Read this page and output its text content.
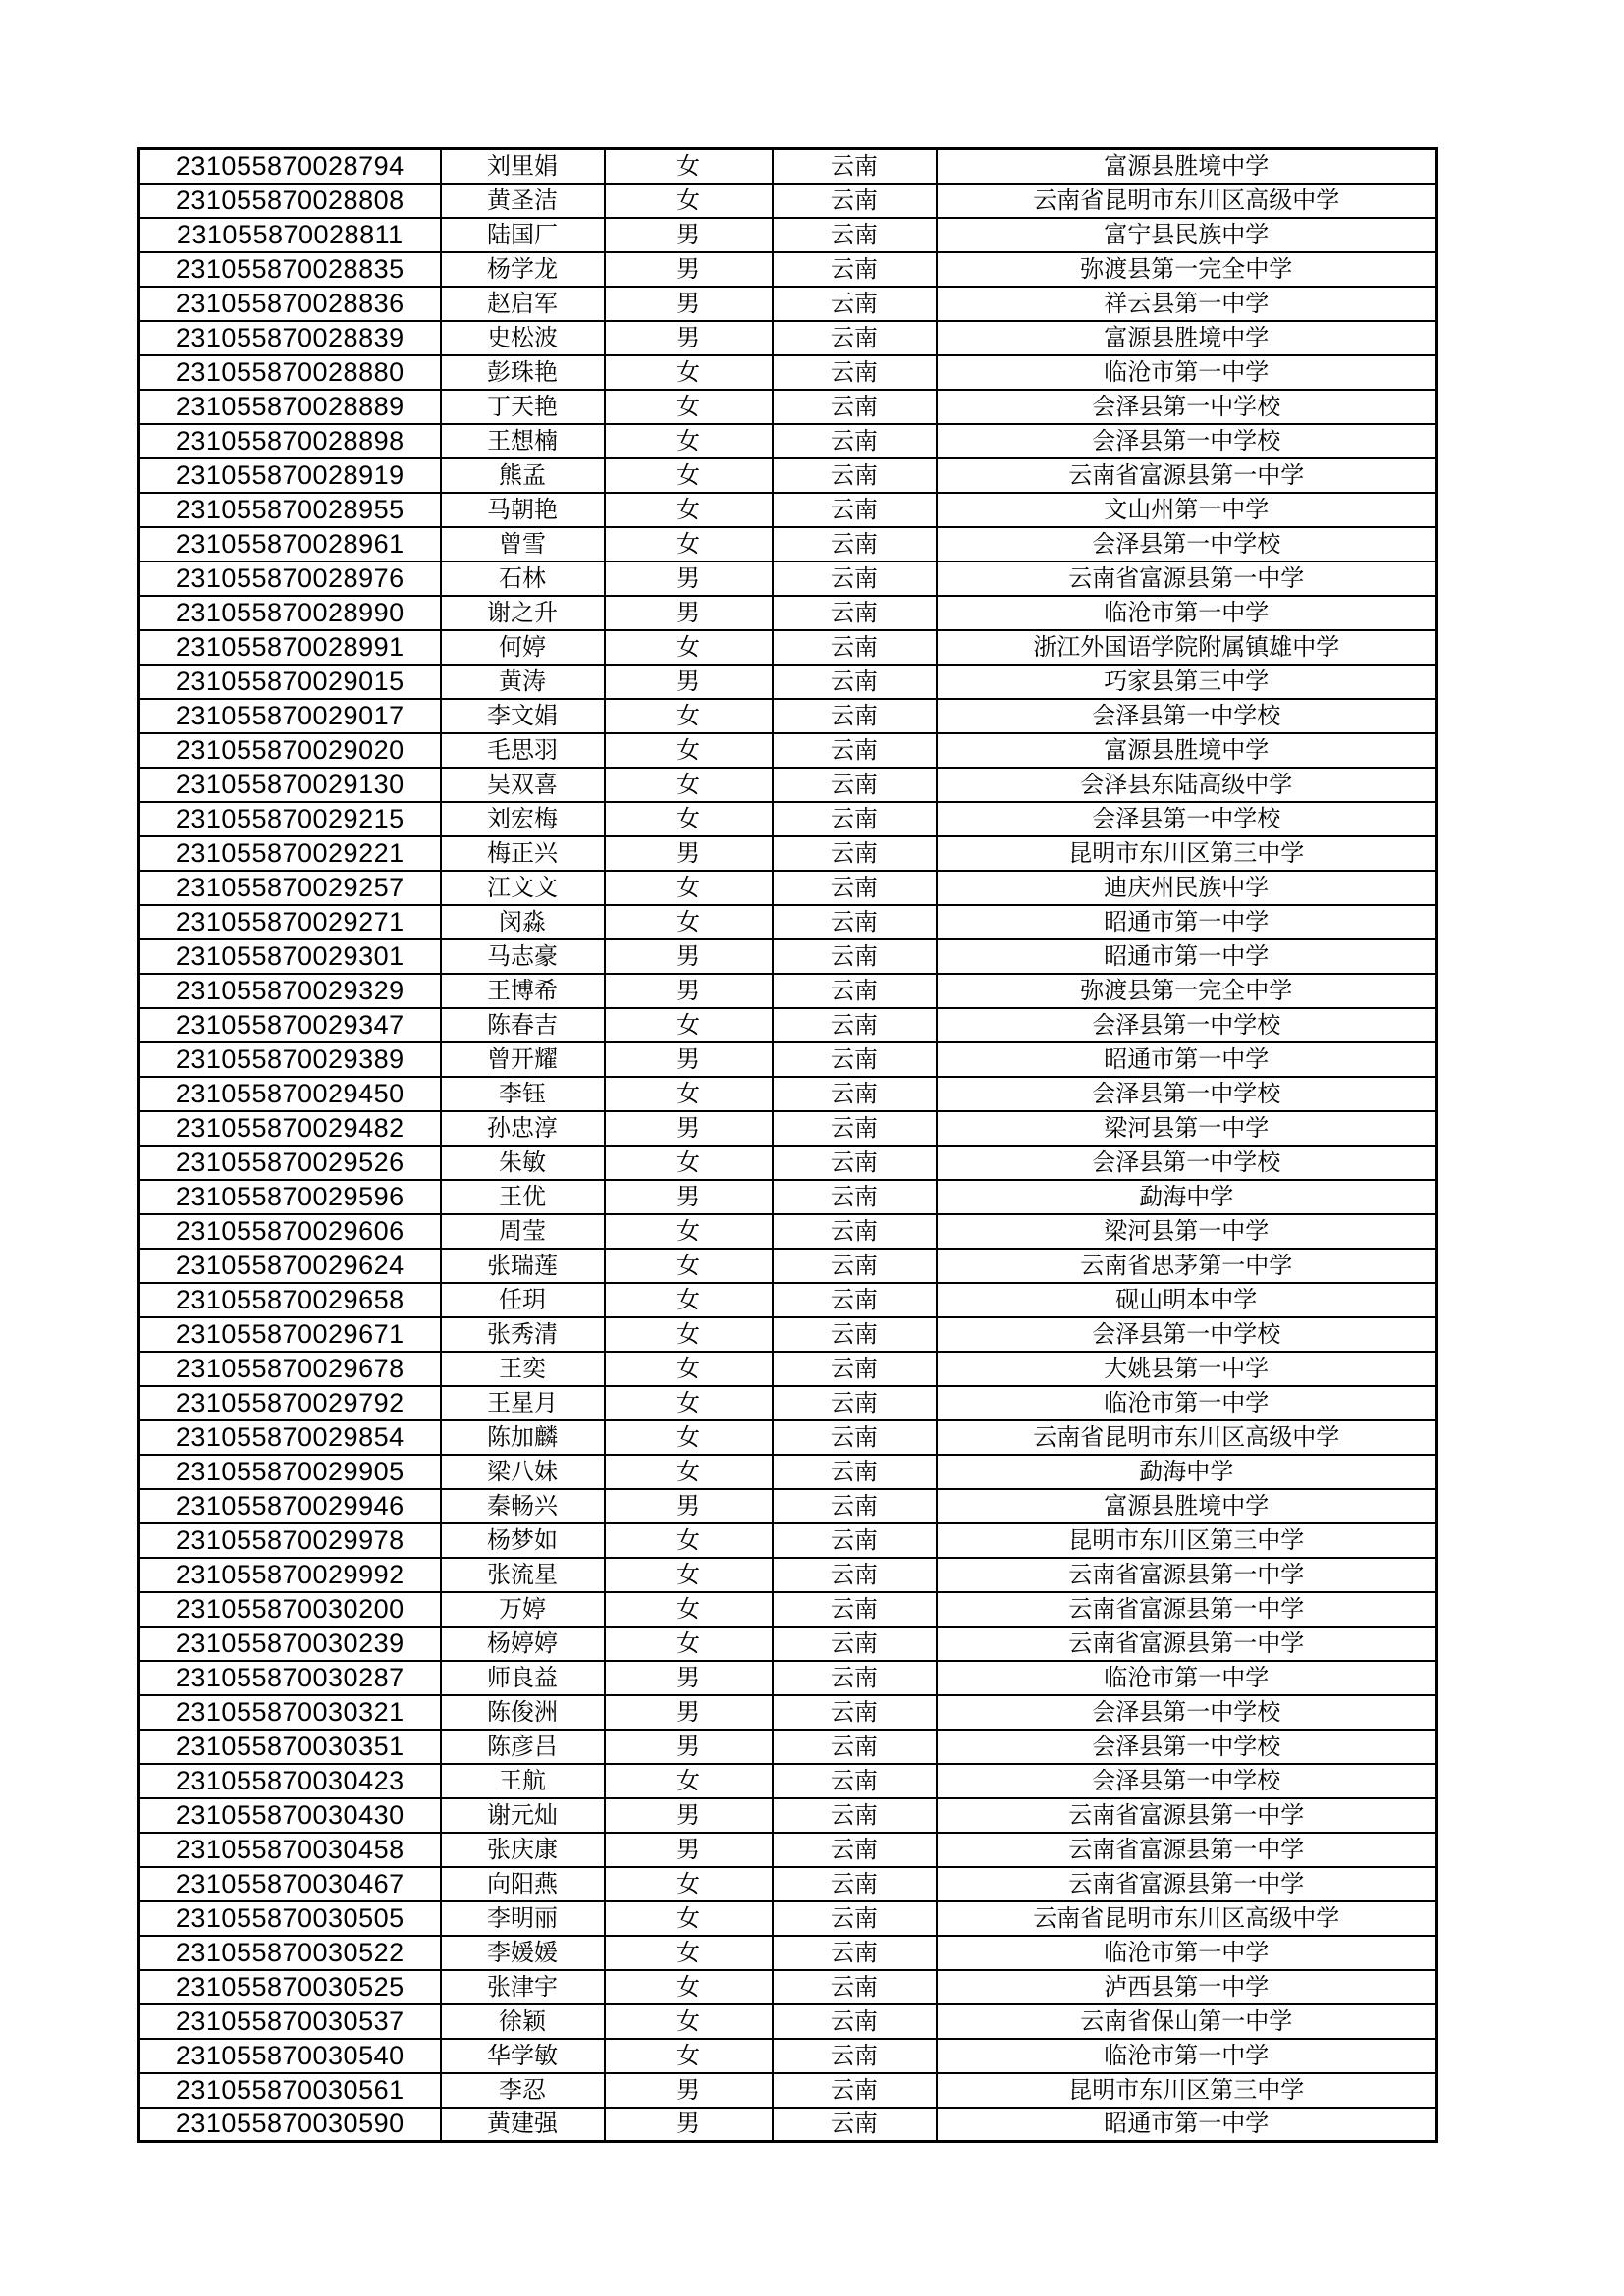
231055870028794	刘里娟	女	云南	富源县胜境中学
231055870028808	黄圣洁	女	云南	云南省昆明市东川区高级中学
231055870028811	陆国厂	男	云南	富宁县民族中学
231055870028835	杨学龙	男	云南	弥渡县第一完全中学
231055870028836	赵启军	男	云南	祥云县第一中学
231055870028839	史松波	男	云南	富源县胜境中学
231055870028880	彭珠艳	女	云南	临沧市第一中学
231055870028889	丁天艳	女	云南	会泽县第一中学校
231055870028898	王想楠	女	云南	会泽县第一中学校
231055870028919	熊孟	女	云南	云南省富源县第一中学
231055870028955	马朝艳	女	云南	文山州第一中学
231055870028961	曾雪	女	云南	会泽县第一中学校
231055870028976	石林	男	云南	云南省富源县第一中学
231055870028990	谢之升	男	云南	临沧市第一中学
231055870028991	何婷	女	云南	浙江外国语学院附属镇雄中学
231055870029015	黄涛	男	云南	巧家县第三中学
231055870029017	李文娟	女	云南	会泽县第一中学校
231055870029020	毛思羽	女	云南	富源县胜境中学
231055870029130	吴双喜	女	云南	会泽县东陆高级中学
231055870029215	刘宏梅	女	云南	会泽县第一中学校
231055870029221	梅正兴	男	云南	昆明市东川区第三中学
231055870029257	江文文	女	云南	迪庆州民族中学
231055870029271	闵淼	女	云南	昭通市第一中学
231055870029301	马志豪	男	云南	昭通市第一中学
231055870029329	王博希	男	云南	弥渡县第一完全中学
231055870029347	陈春吉	女	云南	会泽县第一中学校
231055870029389	曾开耀	男	云南	昭通市第一中学
231055870029450	李钰	女	云南	会泽县第一中学校
231055870029482	孙忠淳	男	云南	梁河县第一中学
231055870029526	朱敏	女	云南	会泽县第一中学校
231055870029596	王优	男	云南	勐海中学
231055870029606	周莹	女	云南	梁河县第一中学
231055870029624	张瑞莲	女	云南	云南省思茅第一中学
231055870029658	任玥	女	云南	砚山明本中学
231055870029671	张秀清	女	云南	会泽县第一中学校
231055870029678	王奕	女	云南	大姚县第一中学
231055870029792	王星月	女	云南	临沧市第一中学
231055870029854	陈加麟	女	云南	云南省昆明市东川区高级中学
231055870029905	梁八妹	女	云南	勐海中学
231055870029946	秦畅兴	男	云南	富源县胜境中学
231055870029978	杨梦如	女	云南	昆明市东川区第三中学
231055870029992	张流星	女	云南	云南省富源县第一中学
231055870030200	万婷	女	云南	云南省富源县第一中学
231055870030239	杨婷婷	女	云南	云南省富源县第一中学
231055870030287	师良益	男	云南	临沧市第一中学
231055870030321	陈俊洲	男	云南	会泽县第一中学校
231055870030351	陈彦吕	男	云南	会泽县第一中学校
231055870030423	王航	女	云南	会泽县第一中学校
231055870030430	谢元灿	男	云南	云南省富源县第一中学
231055870030458	张庆康	男	云南	云南省富源县第一中学
231055870030467	向阳燕	女	云南	云南省富源县第一中学
231055870030505	李明丽	女	云南	云南省昆明市东川区高级中学
231055870030522	李媛媛	女	云南	临沧市第一中学
231055870030525	张津宇	女	云南	泸西县第一中学
231055870030537	徐颖	女	云南	云南省保山第一中学
231055870030540	华学敏	女	云南	临沧市第一中学
231055870030561	李忍	男	云南	昆明市东川区第三中学
231055870030590	黄建强	男	云南	昭通市第一中学
